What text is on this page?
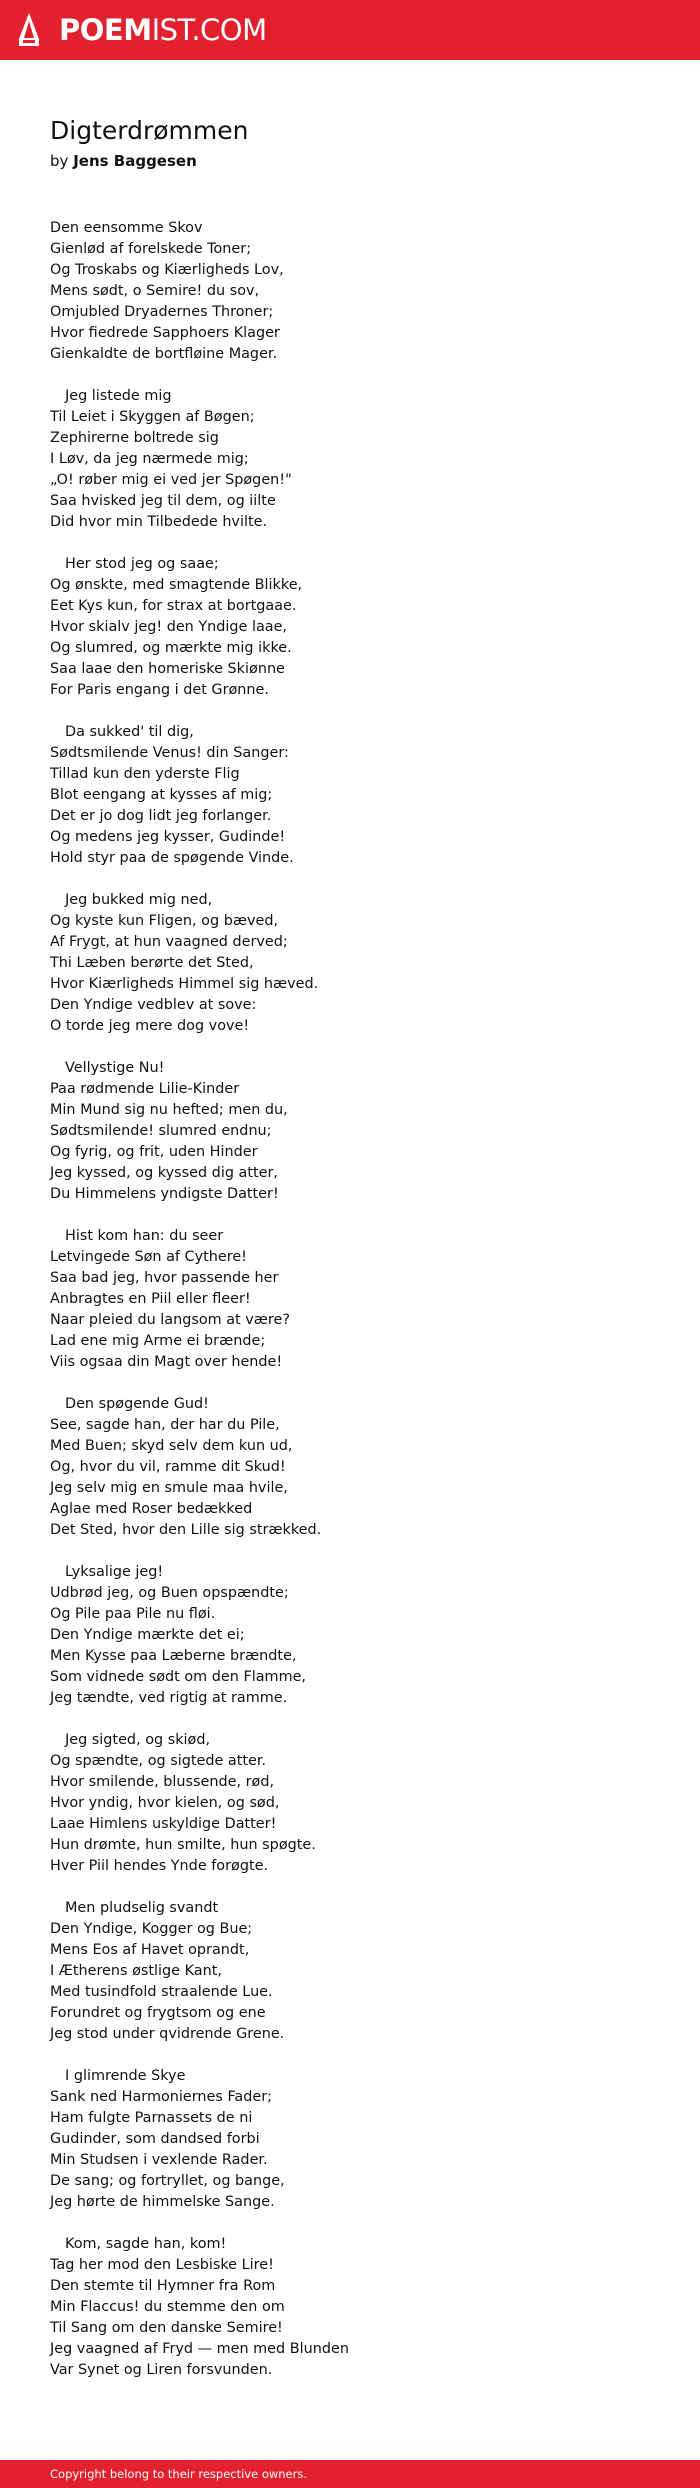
POEMIST.COM
Digterdrømmen

by Jens Baggesen

Den eensomme Skov
Gienlød af forelskede Toner;
Og Troskabs og Kiærligheds Lov,
Mens sødt, o Semire! du sov,
Omjubled Dryadernes Throner;
Hvor fiedrede Sapphoers Klager
Gienkaldte de bortfløine Mager.
Jeg listede mig
Til Leiet i Skyggen af Bøgen;
Zephirerne boltrede sig
I Løv, da jeg nærmede mig;
„O! røber mig ei ved jer Spøgen!"
Saa hvisked jeg til dem, og iilte
Did hvor min Tilbedede hvilte.
Her stod jeg og saae;
Og ønskte, med smagtende Blikke,
Eet Kys kun, for strax at bortgaae.
Hvor skialv jeg! den Yndige laae,
Og slumred, og mærkte mig ikke.
Saa laae den homeriske Skiønne
For Paris engang i det Grønne.
Da sukked' til dig,
Sødtsmilende Venus! din Sanger:
Tillad kun den yderste Flig
Blot eengang at kysses af mig;
Det er jo dog lidt jeg forlanger.
Og medens jeg kysser, Gudinde!
Hold styr paa de spøgende Vinde.
Jeg bukked mig ned,
Og kyste kun Fligen, og bæved,
Af Frygt, at hun vaagned derved;
Thi Læben berørte det Sted,
Hvor Kiærligheds Himmel sig hæved.
Den Yndige vedblev at sove:
O torde jeg mere dog vove!
Vellystige Nu!
Paa rødmende Lilie-Kinder
Min Mund sig nu hefted; men du,
Sødtsmilende! slumred endnu;
Og fyrig, og frit, uden Hinder
Jeg kyssed, og kyssed dig atter,
Du Himmelens yndigste Datter!
Hist kom han: du seer
Letvingede Søn af Cythere!
Saa bad jeg, hvor passende her
Anbragtes en Piil eller fleer!
Naar pleied du langsom at være?
Lad ene mig Arme ei brænde;
Viis ogsaa din Magt over hende!
Den spøgende Gud!
See, sagde han, der har du Pile,
Med Buen; skyd selv dem kun ud,
Og, hvor du vil, ramme dit Skud!
Jeg selv mig en smule maa hvile,
Aglae med Roser bedækked
Det Sted, hvor den Lille sig strækked.
Lyksalige jeg!
Udbrød jeg, og Buen opspændte;
Og Pile paa Pile nu fløi.
Den Yndige mærkte det ei;
Men Kysse paa Læberne brændte,
Som vidnede sødt om den Flamme,
Jeg tændte, ved rigtig at ramme.
Jeg sigted, og skiød,
Og spændte, og sigtede atter.
Hvor smilende, blussende, rød,
Hvor yndig, hvor kielen, og sød,
Laae Himlens uskyldige Datter!
Hun drømte, hun smilte, hun spøgte.
Hver Piil hendes Ynde forøgte.
Men pludselig svandt
Den Yndige, Kogger og Bue;
Mens Eos af Havet oprandt,
I Ætherens østlige Kant,
Med tusindfold straalende Lue.
Forundret og frygtsom og ene
Jeg stod under qvidrende Grene.
I glimrende Skye
Sank ned Harmoniernes Fader;
Ham fulgte Parnassets de ni
Gudinder, som dandsed forbi
Min Studsen i vexlende Rader.
De sang; og fortryllet, og bange,
Jeg hørte de himmelske Sange.
Kom, sagde han, kom!
Tag her mod den Lesbiske Lire!
Den stemte til Hymner fra Rom
Min Flaccus! du stemme den om
Til Sang om den danske Semire!
Jeg vaagned af Fryd — men med Blunden
Var Synet og Liren forsvunden.
Copyright belong to their respective owners.
